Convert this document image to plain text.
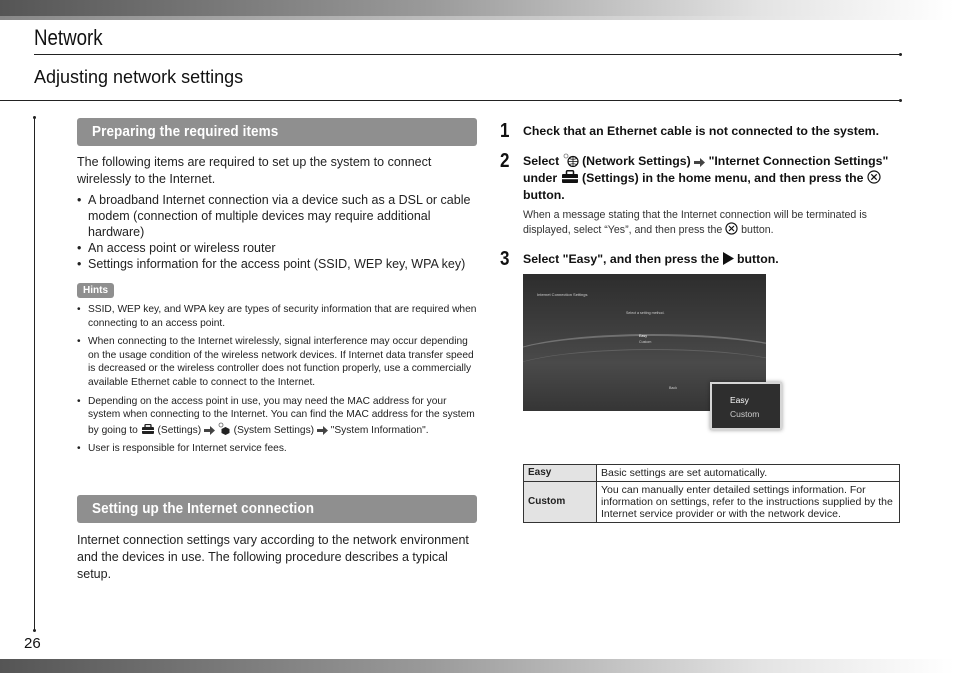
Network
Adjusting network settings
26
Preparing the required items

The following items are required to set up the system to connect wirelessly to the Internet.

• A broadband Internet connection via a device such as a DSL or cable modem (connection of multiple devices may require additional hardware)
• An access point or wireless router
• Settings information for the access point (SSID, WEP key, WPA key)
Hints
• SSID, WEP key, and WPA key are types of security information that are required when connecting to an access point.
• When connecting to the Internet wirelessly, signal interference may occur depending on the usage condition of the wireless network devices. If Internet data transfer speed is decreased or the wireless controller does not function properly, use a commercially available Ethernet cable to connect to the Internet.
• Depending on the access point in use, you may need the MAC address for your system when connecting to the Internet. You can find the MAC address for the system by going to (Settings)	(System Settings) "System Information".
• User is responsible for Internet service fees.
Setting up the Internet connection

Internet connection settings vary according to the network environment and the devices in use. The following procedure describes a typical setup.

1 Check that an Ethernet cable is not connected to the system.
2 Select (Network Settings) "Internet Connection Settings" under (Settings) in the home menu, and then press the  button.
When a message stating that the Internet connection will be terminated is displayed, select “Yes”, and then press the button.
3 Select "Easy", and then press the button.
Internet Connection Settings
Select a setting method.
Easy
Custom
Back
Easy
Custom
Easy	Basic settings are set automatically.
Custom	You can manually enter detailed settings information. For information on settings, refer to the instructions supplied by the Internet service provider or with the network device.
